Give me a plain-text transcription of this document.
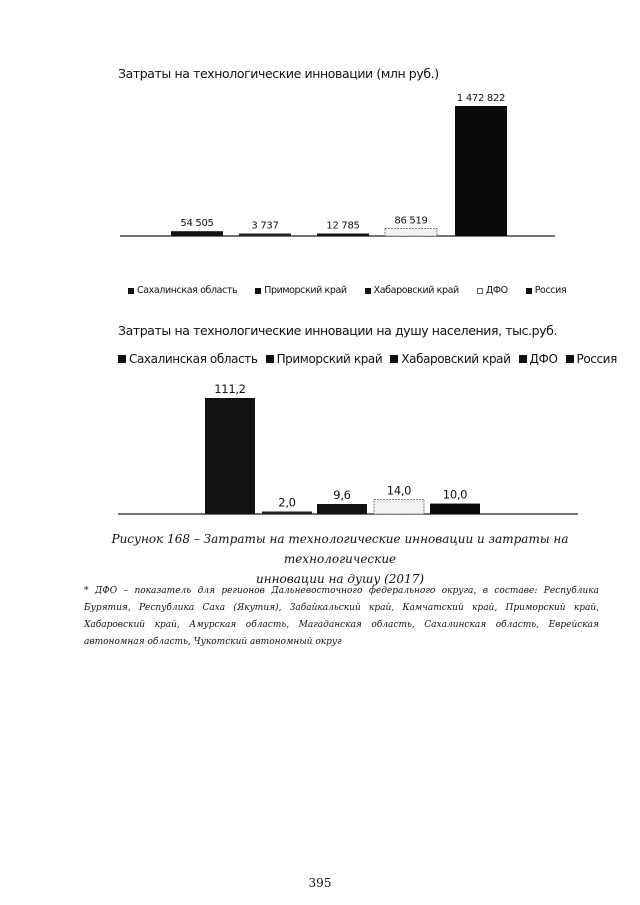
Затраты на технологические инновации (млн руб.)
54 505	3 737	12 785	86 519
1 472 822
Сахалинская область	Приморский край	Хабаровский край	ДФО	Россия
Затраты на технологические инновации на душу населения, тыс.руб.
Сахалинская область Приморский край Хабаровский край ДФО Россия
111,2
2,0
9,6	14,0	10,0

Рисунок 168 – Затраты на технологические инновации и затраты на технологические
инновации на душу (2017)

* ДФО – показатель для регионов Дальневосточного федерального округа, в составе: Республика Бурятия, Республика Саха (Якутия), Забайкальский край, Камчатский край, Приморский край, Хабаровский край, Амурская область, Магаданская область, Сахалинская область, Еврейская автономная область, Чукотский автономный округ

395
